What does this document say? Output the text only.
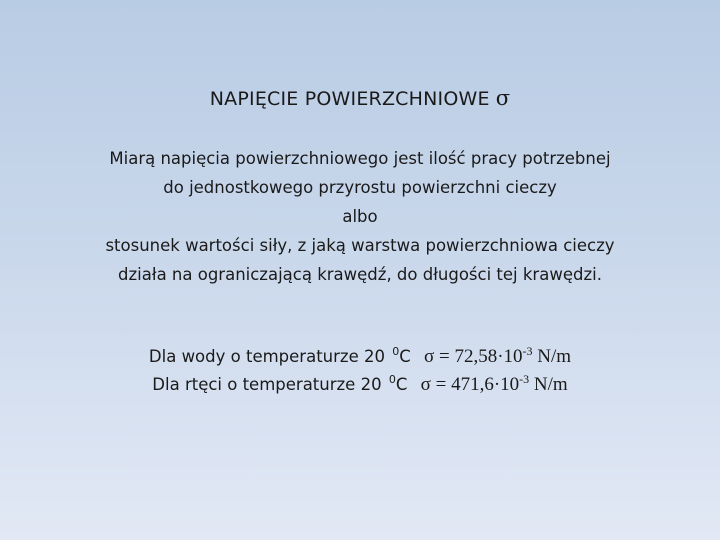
NAPIĘCIE POWIERZCHNIOWE σ
Miarą napięcia powierzchniowego jest ilość pracy potrzebnej
do jednostkowego przyrostu powierzchni cieczy
albo
stosunek wartości siły, z jaką warstwa powierzchniowa cieczy
działa na ograniczającą krawędź, do długości tej krawędzi.
Dla wody o temperaturze 20 $^0$C $\sigma = 72,58\cdot 10^{-3}$ N/m
Dla rtęci o temperaturze 20 $^0$C $\sigma = 471,6\cdot 10^{-3}$ N/m
